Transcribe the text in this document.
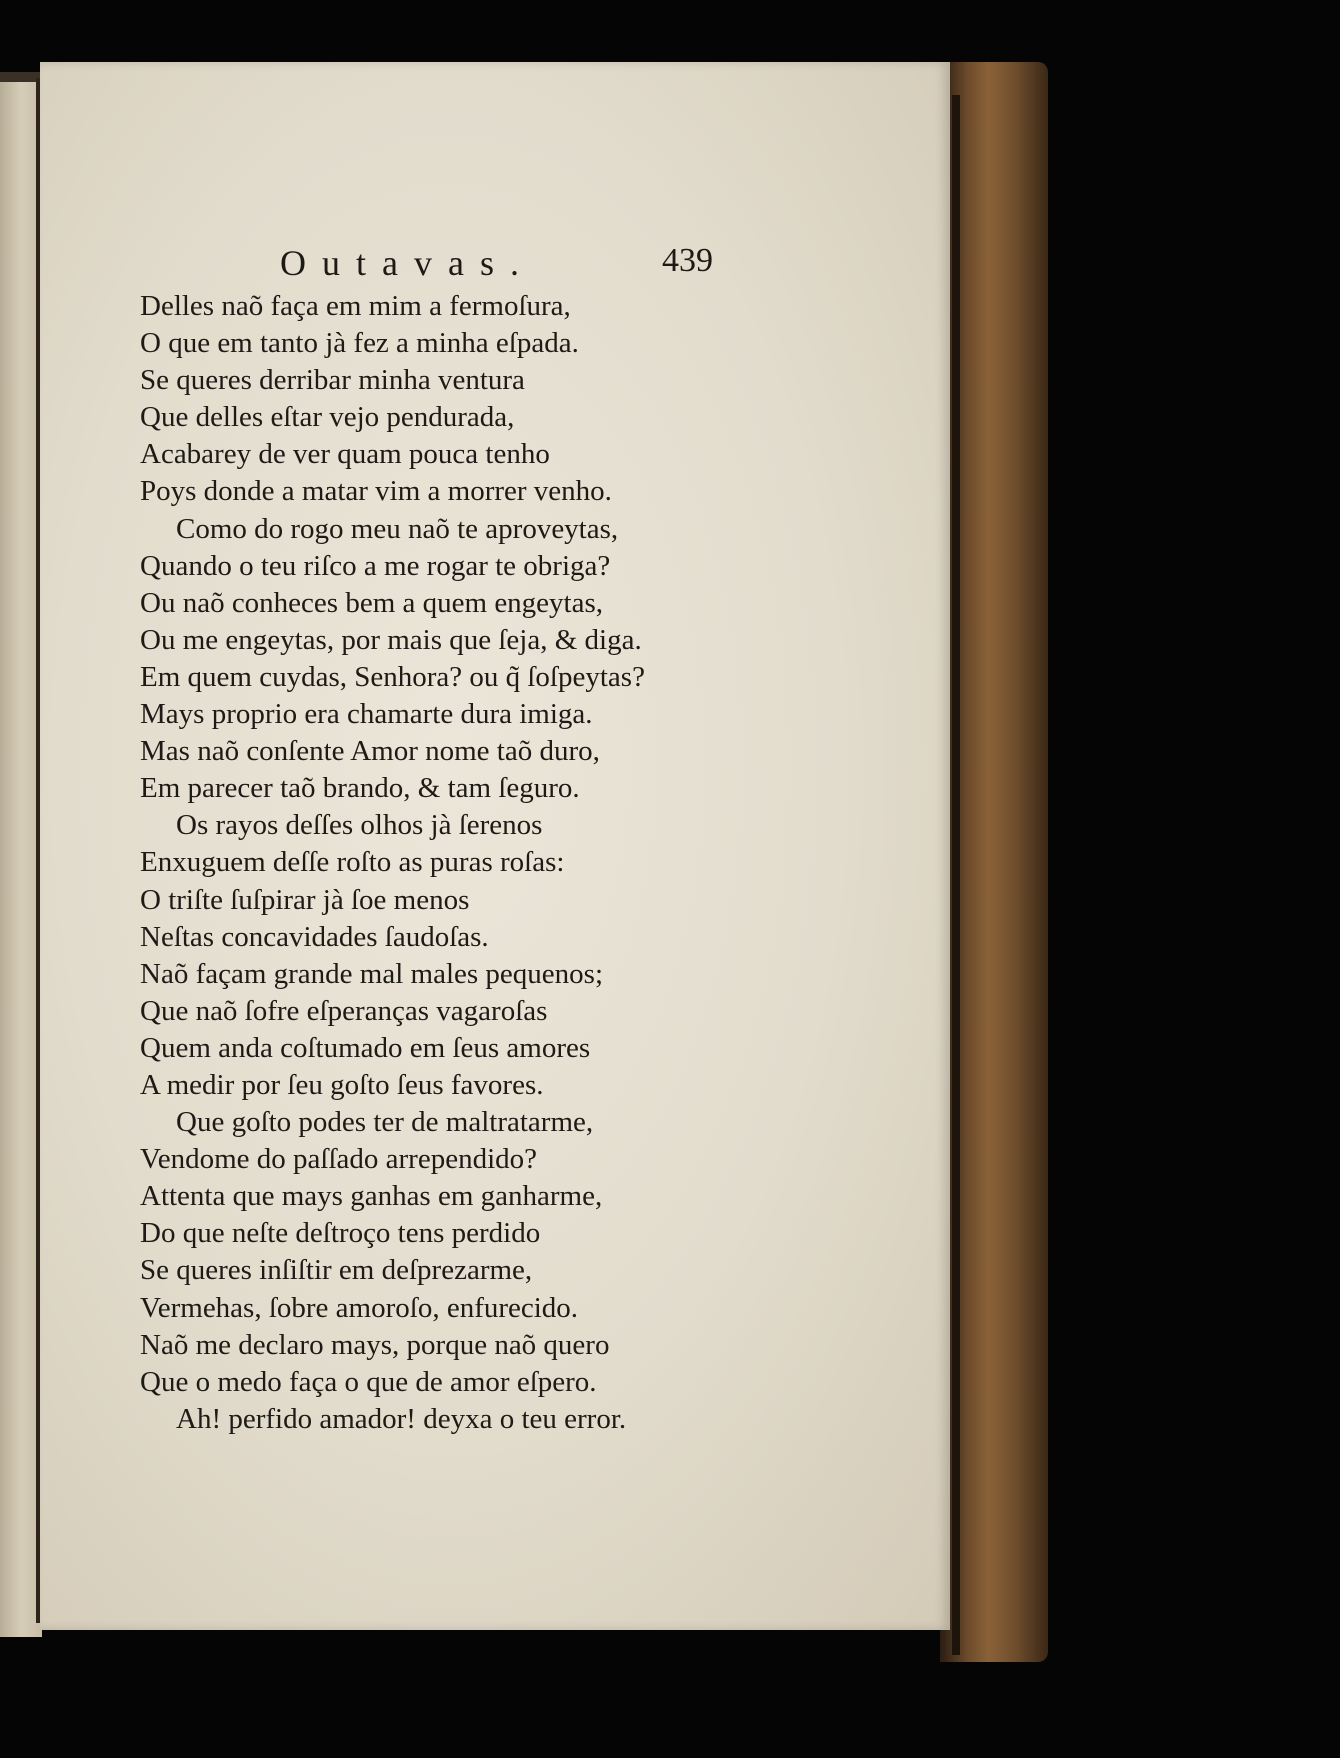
Outavas.	439
Delles naõ faça em mim a fermoſura,
O que em tanto jà fez a minha eſpada.
Se queres derribar minha ventura
Que delles eſtar vejo pendurada,
Acabarey de ver quam pouca tenho
Poys donde a matar vim a morrer venho.
Como do rogo meu naõ te aproveytas,
Quando o teu riſco a me rogar te obriga?
Ou naõ conheces bem a quem engeytas,
Ou me engeytas, por mais que ſeja, & diga.
Em quem cuydas, Senhora? ou q̃ ſoſpeytas?
Mays proprio era chamarte dura imiga.
Mas naõ conſente Amor nome taõ duro,
Em parecer taõ brando, & tam ſeguro.
Os rayos deſſes olhos jà ſerenos
Enxuguem deſſe roſto as puras roſas:
O triſte ſuſpirar jà ſoe menos
Neſtas concavidades ſaudoſas.
Naõ façam grande mal males pequenos;
Que naõ ſofre eſperanças vagaroſas
Quem anda coſtumado em ſeus amores
A medir por ſeu goſto ſeus favores.
Que goſto podes ter de maltratarme,
Vendome do paſſado arrependido?
Attenta que mays ganhas em ganharme,
Do que neſte deſtroço tens perdido
Se queres inſiſtir em deſprezarme,
Vermehas, ſobre amoroſo, enfurecido.
Naõ me declaro mays, porque naõ quero
Que o medo faça o que de amor eſpero.
Ah! perfido amador! deyxa o teu error.
